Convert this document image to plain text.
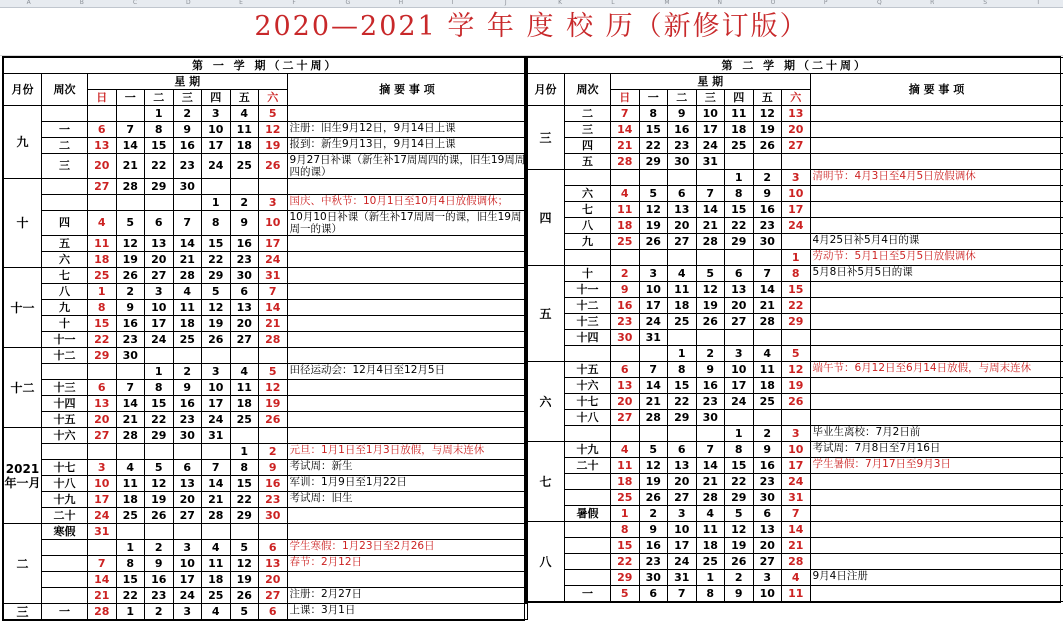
A	B	C	D	E	F	G	H	I	J	K	L	M	N	O	P	Q	R	S	T
2020—2021 学 年 度 校 历（新修订版）
第 一 学 期（二十周）									
月份	周次	星 期							摘 要 事 项
		日	一	二	三	四	五	六	
九				1	2	3	4	5	
	一	6	7	8	9	10	11	12	注册：旧生9月12日，9月14日上课
	二	13	14	15	16	17	18	19	报到：新生9月13日，9月14日上课
	三	20	21	22	23	24	25	26	9月27日补课（新生补17周周四的课，旧生19周周四的课）
十		27	28	29	30				
						1	2	3	国庆、中秋节：10月1日至10月4日放假调休；
	四	4	5	6	7	8	9	10	10月10日补课（新生补17周周一的课，旧生19周周一的课）
	五	11	12	13	14	15	16	17	
	六	18	19	20	21	22	23	24	
十一	七	25	26	27	28	29	30	31	
	八	1	2	3	4	5	6	7	
	九	8	9	10	11	12	13	14	
	十	15	16	17	18	19	20	21	
	十一	22	23	24	25	26	27	28	
十二	十二	29	30						
				1	2	3	4	5	田径运动会：12月4日至12月5日
	十三	6	7	8	9	10	11	12	
	十四	13	14	15	16	17	18	19	
	十五	20	21	22	23	24	25	26	
2021年一月	十六	27	28	29	30	31			
							1	2	元旦：1月1日至1月3日放假，与周末连休
	十七	3	4	5	6	7	8	9	考试周：新生
	十八	10	11	12	13	14	15	16	军训：1月9日至1月22日
	十九	17	18	19	20	21	22	23	考试周：旧生
	二十	24	25	26	27	28	29	30	
二	寒假	31							
			1	2	3	4	5	6	学生寒假：1月23日至2月26日
		7	8	9	10	11	12	13	春节：2月12日
		14	15	16	17	18	19	20	
		21	22	23	24	25	26	27	注册：2月27日
三	一	28	1	2	3	4	5	6	上课：3月1日
第 二 学 期（二十周）									
月份	周次	星 期							摘 要 事 项
		日	一	二	三	四	五	六	
三	二	7	8	9	10	11	12	13	
	三	14	15	16	17	18	19	20	
	四	21	22	23	24	25	26	27	
	五	28	29	30	31				
四						1	2	3	清明节：4月3日至4月5日放假调休
	六	4	5	6	7	8	9	10	
	七	11	12	13	14	15	16	17	
	八	18	19	20	21	22	23	24	
	九	25	26	27	28	29	30		4月25日补5月4日的课
								1	劳动节：5月1日至5月5日放假调休
五	十	2	3	4	5	6	7	8	5月8日补5月5日的课
	十一	9	10	11	12	13	14	15	
	十二	16	17	18	19	20	21	22	
	十三	23	24	25	26	27	28	29	
	十四	30	31						
				1	2	3	4	5	
六	十五	6	7	8	9	10	11	12	端午节：6月12日至6月14日放假，与周末连休
	十六	13	14	15	16	17	18	19	
	十七	20	21	22	23	24	25	26	
	十八	27	28	29	30				
						1	2	3	毕业生离校：7月2日前
七	十九	4	5	6	7	8	9	10	考试周：7月8日至7月16日
	二十	11	12	13	14	15	16	17	学生暑假：7月17日至9月3日
		18	19	20	21	22	23	24	
		25	26	27	28	29	30	31	
	暑假	1	2	3	4	5	6	7	
八		8	9	10	11	12	13	14	
		15	16	17	18	19	20	21	
		22	23	24	25	26	27	28	
		29	30	31	1	2	3	4	9月4日注册
	一	5	6	7	8	9	10	11	
